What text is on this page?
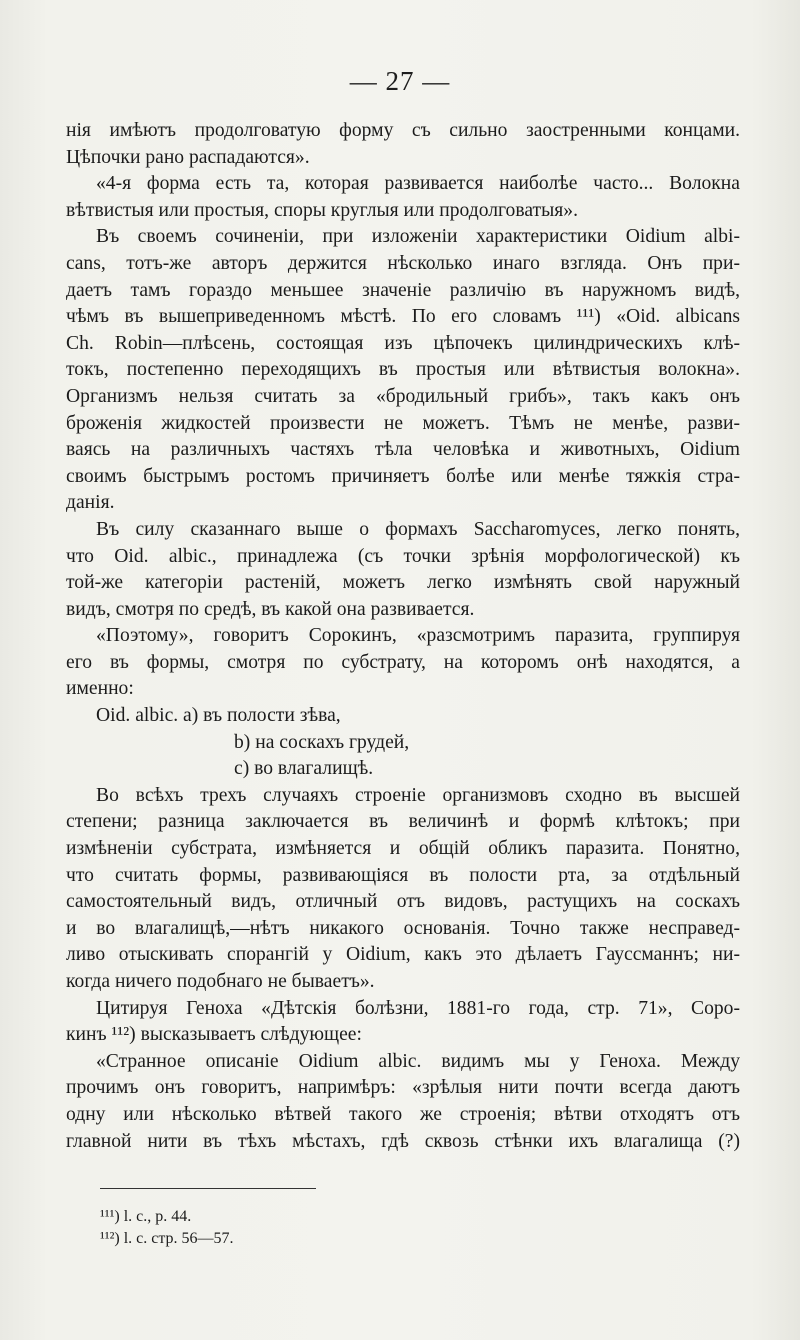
— 27 —
нія имѣютъ продолговатую форму съ сильно заостренными концами.
Цѣпочки рано распадаются».
«4-я форма есть та, которая развивается наиболѣе часто... Волокна
вѣтвистыя или простыя, споры круглыя или продолговатыя».
Въ своемъ сочиненіи, при изложеніи характеристики Oidium albi-
cans, тотъ-же авторъ держится нѣсколько инаго взгляда. Онъ при-
даетъ тамъ гораздо меньшее значеніе различію въ наружномъ видѣ,
чѣмъ въ вышеприведенномъ мѣстѣ. По его словамъ ¹¹¹) «Oid. albicans
Ch. Robin—плѣсень, состоящая изъ цѣпочекъ цилиндрическихъ клѣ-
токъ, постепенно переходящихъ въ простыя или вѣтвистыя волокна».
Организмъ нельзя считать за «бродильный грибъ», такъ какъ онъ
броженія жидкостей произвести не можетъ. Тѣмъ не менѣе, разви-
ваясь на различныхъ частяхъ тѣла человѣка и животныхъ, Oidium
своимъ быстрымъ ростомъ причиняетъ болѣе или менѣе тяжкія стра-
данія.
Въ силу сказаннаго выше о формахъ Saccharomyces, легко понять,
что Oid. albic., принадлежа (съ точки зрѣнія морфологической) къ
той-же категоріи растеній, можетъ легко измѣнять свой наружный
видъ, смотря по средѣ, въ какой она развивается.
«Поэтому», говоритъ Сорокинъ, «разсмотримъ паразита, группируя
его въ формы, смотря по субстрату, на которомъ онѣ находятся, а
именно:
Oid. albic. a) въ полости зѣва,
b) на соскахъ грудей,
c) во влагалищѣ.
Во всѣхъ трехъ случаяхъ строеніе организмовъ сходно въ высшей
степени; разница заключается въ величинѣ и формѣ клѣтокъ; при
измѣненіи субстрата, измѣняется и общій обликъ паразита. Понятно,
что считать формы, развивающіяся въ полости рта, за отдѣльный
самостоятельный видъ, отличный отъ видовъ, растущихъ на соскахъ
и во влагалищѣ,—нѣтъ никакого основанія. Точно также несправед-
ливо отыскивать спорангій у Oidium, какъ это дѣлаетъ Гауссманнъ; ни-
когда ничего подобнаго не бываетъ».
Цитируя Геноха «Дѣтскія болѣзни, 1881-го года, стр. 71», Соро-
кинъ ¹¹²) высказываетъ слѣдующее:
«Странное описаніе Oidium albic. видимъ мы у Геноха. Между
прочимъ онъ говоритъ, напримѣръ: «зрѣлыя нити почти всегда даютъ
одну или нѣсколько вѣтвей такого же строенія; вѣтви отходятъ отъ
главной нити въ тѣхъ мѣстахъ, гдѣ сквозь стѣнки ихъ влагалища (?)
¹¹¹) l. c., p. 44.
¹¹²) l. c. стр. 56—57.
